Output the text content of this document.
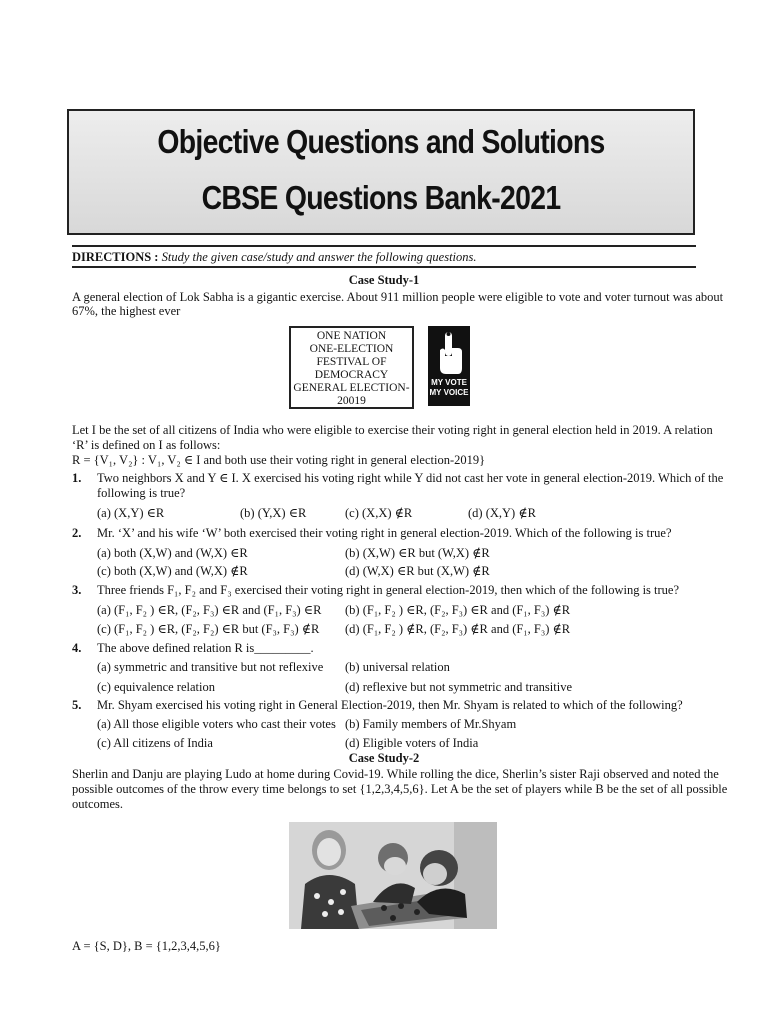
Objective Questions and Solutions
CBSE Questions Bank-2021
DIRECTIONS : Study the given case/study and answer the following questions.
Case Study-1
A general election of Lok Sabha is a gigantic exercise. About 911 million people were eligible to vote and voter turnout was about
67%, the highest ever
ONE NATION
ONE-ELECTION
FESTIVAL OF
DEMOCRACY
GENERAL ELECTION-
20019
MY VOTE
MY VOICE
Let I be the set of all citizens of India who were eligible to exercise their voting right in general election held in 2019. A relation
‘R’ is defined on I as follows:
R = {V₁, V₂} : V₁, V₂ ∈ I and both use their voting right in general election-2019}
1. Two neighbors X and Y ∈ I. X exercised his voting right while Y did not cast her vote in general election-2019. Which of the
following is true?
(a) (X,Y) ∈R	(b) (Y,X) ∈R	(c) (X,X) ∉R	(d) (X,Y) ∉R
2. Mr. ‘X’ and his wife ‘W’ both exercised their voting right in general election-2019. Which of the following is true?
(a) both (X,W) and (W,X) ∈R	(b) (X,W) ∈R but (W,X) ∉R
(c) both (X,W) and (W,X) ∉R	(d) (W,X) ∈R but (X,W) ∉R
3. Three friends F₁, F₂ and F₃ exercised their voting right in general election-2019, then which of the following is true?
(a) (F₁, F₂ ) ∈R, (F₂, F₃) ∈R and (F₁, F₃) ∈R (b) (F₁, F₂ ) ∈R, (F₂, F₃) ∈R and (F₁, F₃) ∉R
(c) (F₁, F₂ ) ∈R, (F₂, F₂) ∈R but (F₃, F₃) ∉R (d) (F₁, F₂ ) ∉R, (F₂, F₃) ∉R and (F₁, F₃) ∉R
4. The above defined relation R is_________.
(a) symmetric and transitive but not reflexive (b) universal relation
(c) equivalence relation	(d) reflexive but not symmetric and transitive
5. Mr. Shyam exercised his voting right in General Election-2019, then Mr. Shyam is related to which of the following?
(a) All those eligible voters who cast their votes (b) Family members of Mr.Shyam
(c) All citizens of India	(d) Eligible voters of India
Case Study-2
Sherlin and Danju are playing Ludo at home during Covid-19. While rolling the dice, Sherlin’s sister Raji observed and noted the
possible outcomes of the throw every time belongs to set {1,2,3,4,5,6}. Let A be the set of players while B be the set of all possible
outcomes.
A = {S, D}, B = {1,2,3,4,5,6}
